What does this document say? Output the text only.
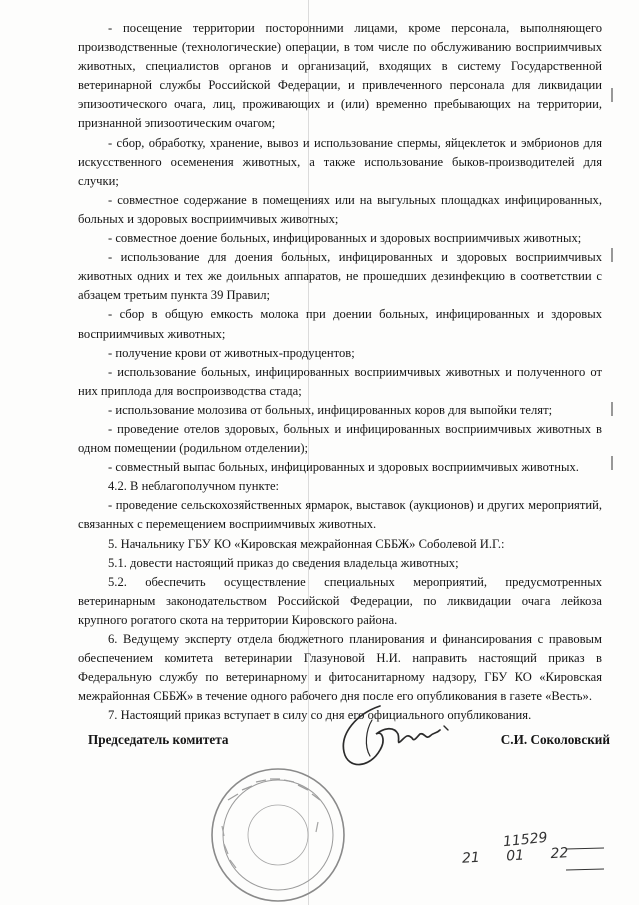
- посещение территории посторонними лицами, кроме персонала, выполняющего производственные (технологические) операции, в том числе по обслуживанию восприимчивых животных, специалистов органов и организаций, входящих в систему Государственной ветеринарной службы Российской Федерации, и привлеченного персонала для ликвидации эпизоотического очага, лиц, проживающих и (или) временно пребывающих на территории, признанной эпизоотическим очагом;

- сбор, обработку, хранение, вывоз и использование спермы, яйцеклеток и эмбрионов для искусственного осеменения животных, а также использование быков-производителей для случки;

- совместное содержание в помещениях или на выгульных площадках инфицированных, больных и здоровых восприимчивых животных;

- совместное доение больных, инфицированных и здоровых восприимчивых животных;

- использование для доения больных, инфицированных и здоровых восприимчивых животных одних и тех же доильных аппаратов, не прошедших дезинфекцию в соответствии с абзацем третьим пункта 39 Правил;

- сбор в общую емкость молока при доении больных, инфицированных и здоровых восприимчивых животных;

- получение крови от животных-продуцентов;

- использование больных, инфицированных восприимчивых животных и полученного от них приплода для воспроизводства стада;

- использование молозива от больных, инфицированных коров для выпойки телят;

- проведение отелов здоровых, больных и инфицированных восприимчивых животных в одном помещении (родильном отделении);

- совместный выпас больных, инфицированных и здоровых восприимчивых животных.

4.2. В неблагополучном пункте:

- проведение сельскохозяйственных ярмарок, выставок (аукционов) и других мероприятий, связанных с перемещением восприимчивых животных.

5. Начальнику ГБУ КО «Кировская межрайонная СББЖ» Соболевой И.Г.:

5.1. довести настоящий приказ до сведения владельца животных;

5.2. обеспечить осуществление специальных мероприятий, предусмотренных ветеринарным законодательством Российской Федерации, по ликвидации очага лейкоза крупного рогатого скота на территории Кировского района.

6. Ведущему эксперту отдела бюджетного планирования и финансирования с правовым обеспечением комитета ветеринарии Глазуновой Н.И. направить настоящий приказ в Федеральную службу по ветеринарному и фитосанитарному надзору, ГБУ КО «Кировская межрайонная СББЖ» в течение одного рабочего дня после его опубликования в газете «Весть».

7. Настоящий приказ вступает в силу со дня его официального опубликования.

Председатель комитета	С.И. Соколовский
11529
21 01 22
